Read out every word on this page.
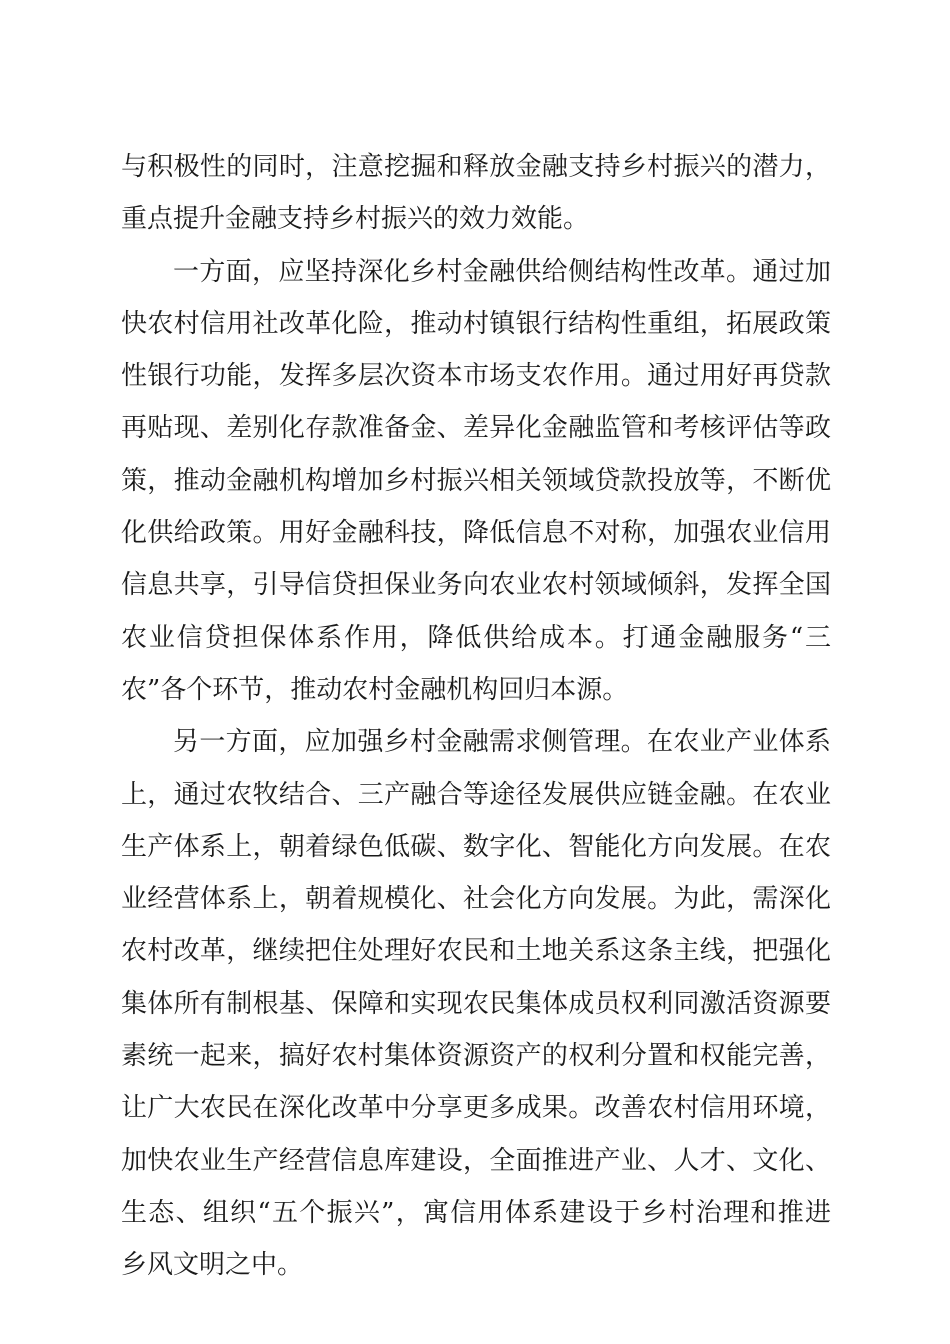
与积极性的同时，注意挖掘和释放金融支持乡村振兴的潜力，
重点提升金融支持乡村振兴的效力效能。
一方面，应坚持深化乡村金融供给侧结构性改革。通过加
快农村信用社改革化险，推动村镇银行结构性重组，拓展政策
性银行功能，发挥多层次资本市场支农作用。通过用好再贷款
再贴现、差别化存款准备金、差异化金融监管和考核评估等政
策，推动金融机构增加乡村振兴相关领域贷款投放等，不断优
化供给政策。用好金融科技，降低信息不对称，加强农业信用
信息共享，引导信贷担保业务向农业农村领域倾斜，发挥全国
农业信贷担保体系作用，降低供给成本。打通金融服务“三
农”各个环节，推动农村金融机构回归本源。
另一方面，应加强乡村金融需求侧管理。在农业产业体系
上，通过农牧结合、三产融合等途径发展供应链金融。在农业
生产体系上，朝着绿色低碳、数字化、智能化方向发展。在农
业经营体系上，朝着规模化、社会化方向发展。为此，需深化
农村改革，继续把住处理好农民和土地关系这条主线，把强化
集体所有制根基、保障和实现农民集体成员权利同激活资源要
素统一起来，搞好农村集体资源资产的权利分置和权能完善，
让广大农民在深化改革中分享更多成果。改善农村信用环境，
加快农业生产经营信息库建设，全面推进产业、人才、文化、
生态、组织“五个振兴”，寓信用体系建设于乡村治理和推进
乡风文明之中。
